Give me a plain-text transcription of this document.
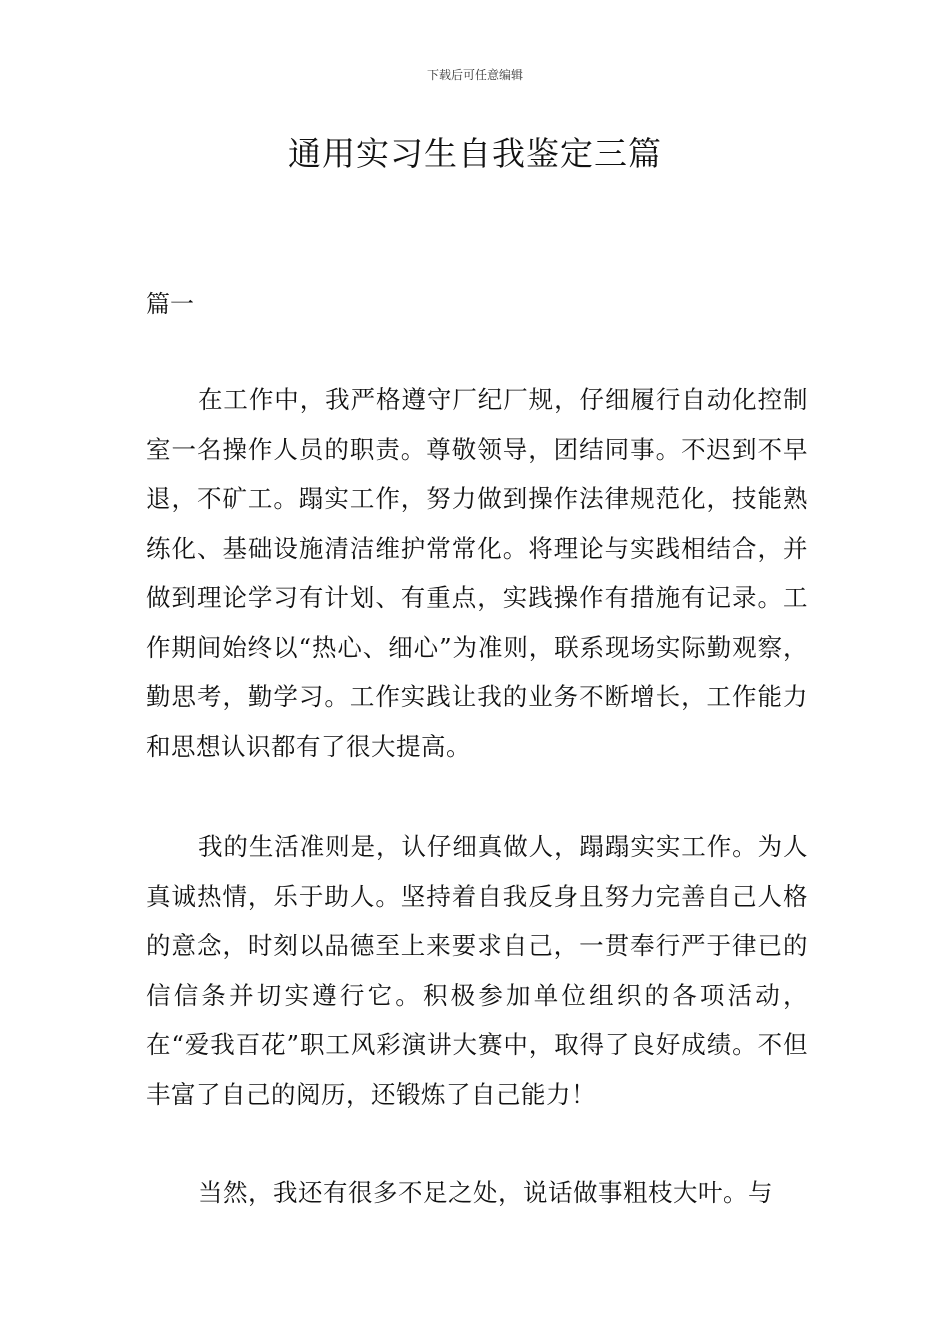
下载后可任意编辑
通用实习生自我鉴定三篇
篇一

在工作中，我严格遵守厂纪厂规，仔细履行自动化控制室一名操作人员的职责。尊敬领导，团结同事。不迟到不早退，不矿工。蹋实工作，努力做到操作法律规范化，技能熟练化、基础设施清洁维护常常化。将理论与实践相结合，并做到理论学习有计划、有重点，实践操作有措施有记录。工作期间始终以“热心、细心”为准则，联系现场实际勤观察，勤思考，勤学习。工作实践让我的业务不断增长，工作能力和思想认识都有了很大提高。

我的生活准则是，认仔细真做人，蹋蹋实实工作。为人真诚热情，乐于助人。坚持着自我反身且努力完善自己人格的意念，时刻以品德至上来要求自己，一贯奉行严于律已的信信条并切实遵行它。积极参加单位组织的各项活动，在“爱我百花”职工风彩演讲大赛中，取得了良好成绩。不但丰富了自己的阅历，还锻炼了自己能力！

当然，我还有很多不足之处，说话做事粗枝大叶。与
